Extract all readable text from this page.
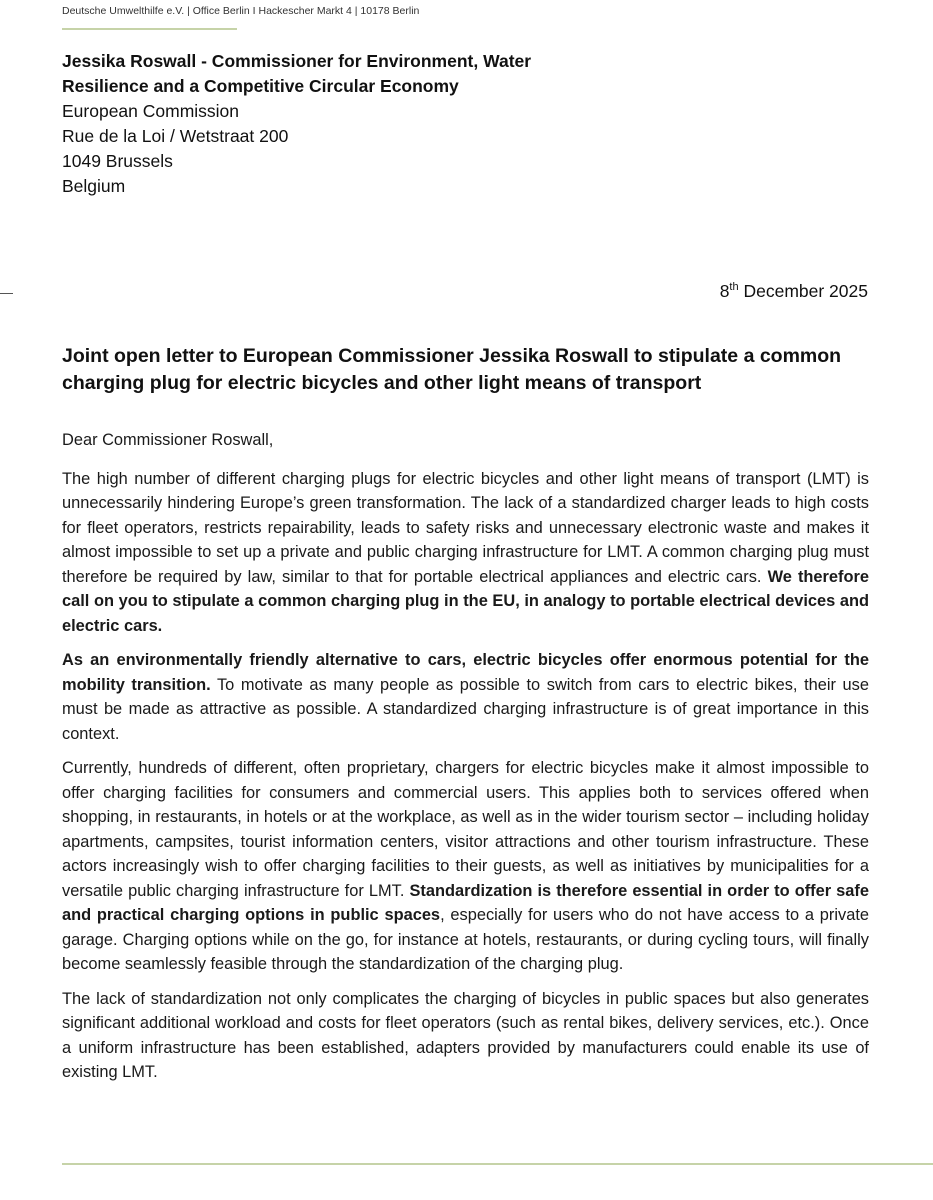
Deutsche Umwelthilfe e.V. | Office Berlin I Hackescher Markt 4 | 10178 Berlin
Jessika Roswall - Commissioner for Environment, Water
Resilience and a Competitive Circular Economy
European Commission
Rue de la Loi / Wetstraat 200
1049 Brussels
Belgium
8th December 2025
Joint open letter to European Commissioner Jessika Roswall to stipulate a common charging plug for electric bicycles and other light means of transport

Dear Commissioner Roswall,

The high number of different charging plugs for electric bicycles and other light means of transport (LMT) is unnecessarily hindering Europe’s green transformation. The lack of a standardized charger leads to high costs for fleet operators, restricts repairability, leads to safety risks and unnecessary electronic waste and makes it almost impossible to set up a private and public charging infrastructure for LMT. A common charging plug must therefore be required by law, similar to that for portable electrical appliances and electric cars. We therefore call on you to stipulate a common charging plug in the EU, in analogy to portable electrical devices and electric cars.

As an environmentally friendly alternative to cars, electric bicycles offer enormous potential for the mobility transition. To motivate as many people as possible to switch from cars to electric bikes, their use must be made as attractive as possible. A standardized charging infrastructure is of great importance in this context.

Currently, hundreds of different, often proprietary, chargers for electric bicycles make it almost impossible to offer charging facilities for consumers and commercial users. This applies both to services offered when shopping, in restaurants, in hotels or at the workplace, as well as in the wider tourism sector – including holiday apartments, campsites, tourist information centers, visitor attractions and other tourism infrastructure. These actors increasingly wish to offer charging facilities to their guests, as well as initiatives by municipalities for a versatile public charging infrastructure for LMT. Standardization is therefore essential in order to offer safe and practical charging options in public spaces, especially for users who do not have access to a private garage. Charging options while on the go, for instance at hotels, restaurants, or during cycling tours, will finally become seamlessly feasible through the standardization of the charging plug.

The lack of standardization not only complicates the charging of bicycles in public spaces but also generates significant additional workload and costs for fleet operators (such as rental bikes, delivery services, etc.). Once a uniform infrastructure has been established, adapters provided by manufacturers could enable its use of existing LMT.
